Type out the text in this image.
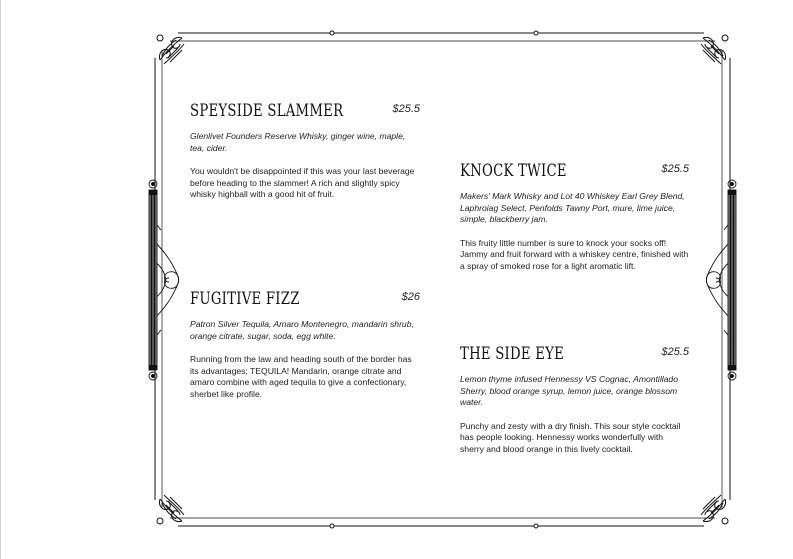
SPEYSIDE SLAMMER	$25.5

Glenlivet Founders Reserve Whisky, ginger wine, maple, tea, cider.

You wouldn't be disappointed if this was your last beverage before heading to the slammer! A rich and slightly spicy whisky highball with a good hit of fruit.

FUGITIVE FIZZ	$26

Patron Silver Tequila, Amaro Montenegro, mandarin shrub, orange citrate, sugar, soda, egg white.

Running from the law and heading south of the border has its advantages; TEQUILA! Mandarin, orange citrate and amaro combine with aged tequila to give a confectionary, sherbet like profile.

KNOCK TWICE	$25.5

Makers' Mark Whisky and Lot 40 Whiskey Earl Grey Blend, Laphroiag Select, Penfolds Tawny Port, mure, lime juice, simple, blackberry jam.

This fruity little number is sure to knock your socks off! Jammy and fruit forward with a whiskey centre, finished with a spray of smoked rose for a light aromatic lift.

THE SIDE EYE	$25.5

Lemon thyme infused Hennessy VS Cognac, Amontillado Sherry, blood orange syrup, lemon juice, orange blossom water.

Punchy and zesty with a dry finish. This sour style cocktail has people looking. Hennessy works wonderfully with sherry and blood orange in this lively cocktail.
